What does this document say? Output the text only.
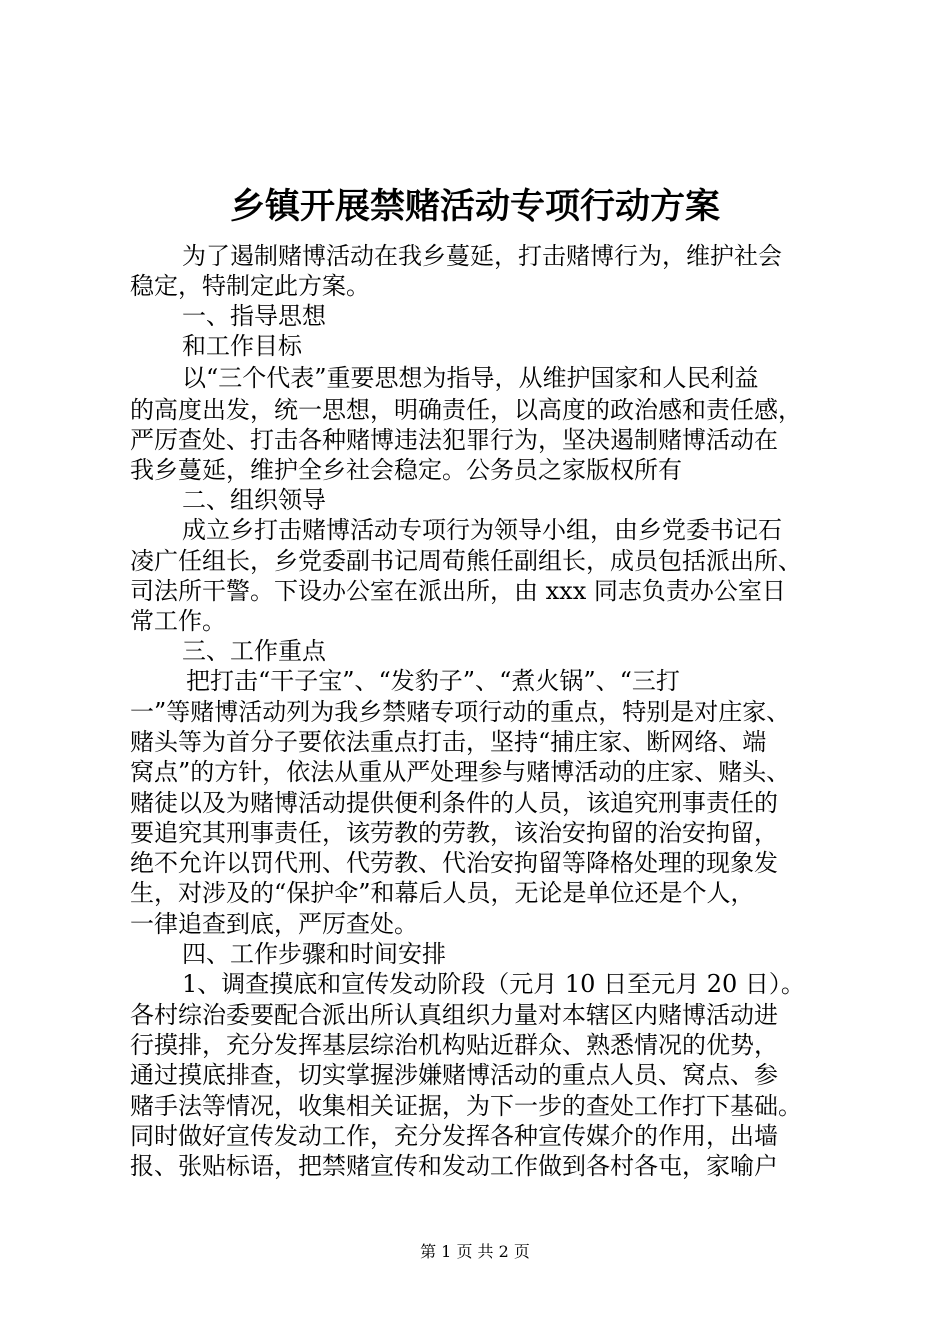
乡镇开展禁赌活动专项行动方案
为了遏制赌博活动在我乡蔓延，打击赌博行为，维护社会
稳定，特制定此方案。
一、指导思想
和工作目标
以“三个代表”重要思想为指导，从维护国家和人民利益
的高度出发，统一思想，明确责任，以高度的政治感和责任感，
严厉查处、打击各种赌博违法犯罪行为，坚决遏制赌博活动在
我乡蔓延，维护全乡社会稳定。公务员之家版权所有
二、组织领导
成立乡打击赌博活动专项行为领导小组，由乡党委书记石
凌广任组长，乡党委副书记周荀熊任副组长，成员包括派出所、
司法所干警。下设办公室在派出所，由 xxx 同志负责办公室日
常工作。
三、工作重点
把打击“干子宝”、“发豹子”、“煮火锅”、“三打
一”等赌博活动列为我乡禁赌专项行动的重点，特别是对庄家、
赌头等为首分子要依法重点打击，坚持“捕庄家、断网络、端
窝点”的方针，依法从重从严处理参与赌博活动的庄家、赌头、
赌徒以及为赌博活动提供便利条件的人员，该追究刑事责任的
要追究其刑事责任，该劳教的劳教，该治安拘留的治安拘留，
绝不允许以罚代刑、代劳教、代治安拘留等降格处理的现象发
生，对涉及的“保护伞”和幕后人员，无论是单位还是个人，
一律追查到底，严厉查处。
四、工作步骤和时间安排
1、调查摸底和宣传发动阶段（元月 10 日至元月 20 日）。
各村综治委要配合派出所认真组织力量对本辖区内赌博活动进
行摸排，充分发挥基层综治机构贴近群众、熟悉情况的优势，
通过摸底排查，切实掌握涉嫌赌博活动的重点人员、窝点、参
赌手法等情况，收集相关证据，为下一步的查处工作打下基础。
同时做好宣传发动工作，充分发挥各种宣传媒介的作用，出墙
报、张贴标语，把禁赌宣传和发动工作做到各村各屯，家喻户
第 1 页 共 2 页
